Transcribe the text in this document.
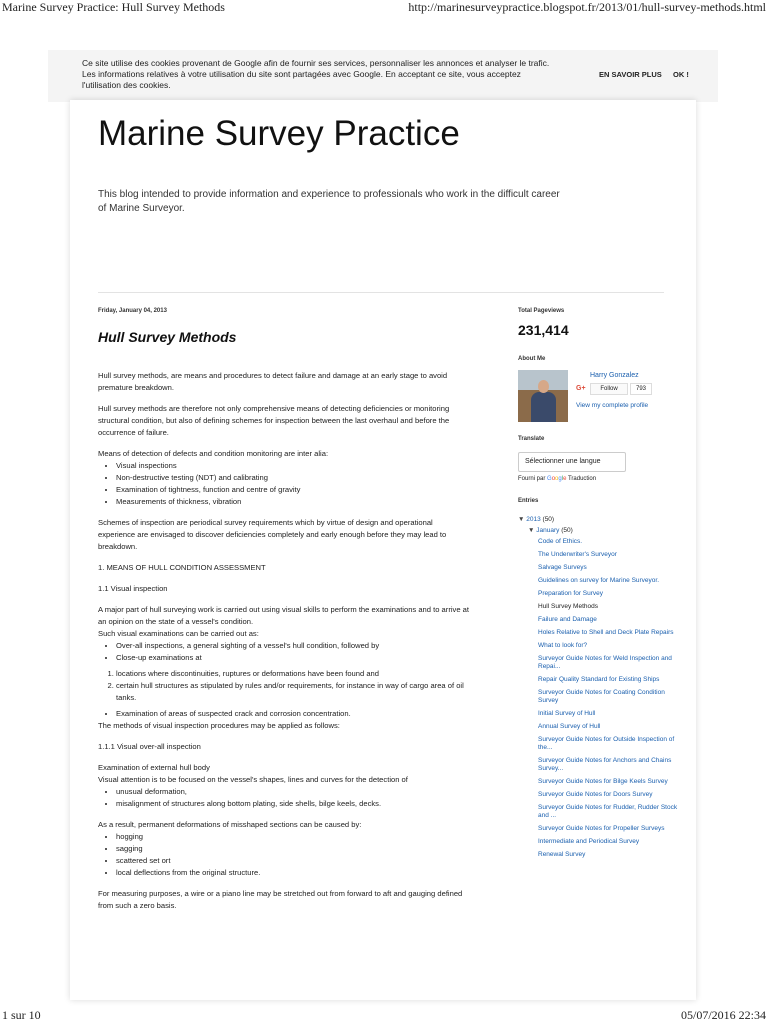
Marine Survey Practice: Hull Survey Methods	http://marinesurveypractice.blogspot.fr/2013/01/hull-survey-methods.html
Ce site utilise des cookies provenant de Google afin de fournir ses services, personnaliser les annonces et analyser le trafic. Les informations relatives à votre utilisation du site sont partagées avec Google. En acceptant ce site, vous acceptez l'utilisation des cookies.
EN SAVOIR PLUS OK !
Marine Survey Practice
This blog intended to provide information and experience to professionals who work in the difficult career of Marine Surveyor.
Friday, January 04, 2013
Hull Survey Methods

Hull survey methods, are means and procedures to detect failure and damage at an early stage to avoid premature breakdown.

Hull survey methods are therefore not only comprehensive means of detecting deficiencies or monitoring structural condition, but also of defining schemes for inspection between the last overhaul and before the occurrence of failure.

Means of detection of defects and condition monitoring are inter alia:

• Visual inspections
• Non-destructive testing (NDT) and calibrating
• Examination of tightness, function and centre of gravity
• Measurements of thickness, vibration

Schemes of inspection are periodical survey requirements which by virtue of design and operational experience are envisaged to discover deficiencies completely and early enough before they may lead to breakdown.

1. MEANS OF HULL CONDITION ASSESSMENT

1.1 Visual inspection

A major part of hull surveying work is carried out using visual skills to perform the examinations and to arrive at an opinion on the state of a vessel's condition.

Such visual examinations can be carried out as:

• Over-all inspections, a general sighting of a vessel's hull condition, followed by
• Close-up examinations at
1. locations where discontinuities, ruptures or deformations have been found and
2. certain hull structures as stipulated by rules and/or requirements, for instance in way of cargo area of oil tanks.
• Examination of areas of suspected crack and corrosion concentration.

The methods of visual inspection procedures may be applied as follows:

1.1.1 Visual over-all inspection

Examination of external hull body

Visual attention is to be focused on the vessel's shapes, lines and curves for the detection of

• unusual deformation,
• misalignment of structures along bottom plating, side shells, bilge keels, decks.

As a result, permanent deformations of misshaped sections can be caused by:

• hogging
• sagging
• scattered set ort
• local deflections from the original structure.

For measuring purposes, a wire or a piano line may be stretched out from forward to aft and gauging defined from such a zero basis.

Total Pageviews
231,414
About Me
Harry Gonzalez
G+	Follow	793
View my complete profile
Translate
Sélectionner une langue
Fourni par Google Traduction
Entries
▼ 2013 (50)
▼ January (50)
Code of Ethics.
The Underwriter's Surveyor
Salvage Surveys
Guidelines on survey for Marine Surveyor.
Preparation for Survey
Hull Survey Methods
Failure and Damage
Holes Relative to Shell and Deck Plate Repairs
What to look for?
Surveyor Guide Notes for Weld Inspection and Repai...
Repair Quality Standard for Existing Ships
Surveyor Guide Notes for Coating Condition Survey
Initial Survey of Hull
Annual Survey of Hull
Surveyor Guide Notes for Outside Inspection of the...
Surveyor Guide Notes for Anchors and Chains Survey...
Surveyor Guide Notes for Bilge Keels Survey
Surveyor Guide Notes for Doors Survey
Surveyor Guide Notes for Rudder, Rudder Stock and ...
Surveyor Guide Notes for Propeller Surveys
Intermediate and Periodical Survey
Renewal Survey
1 sur 10	05/07/2016 22:34
